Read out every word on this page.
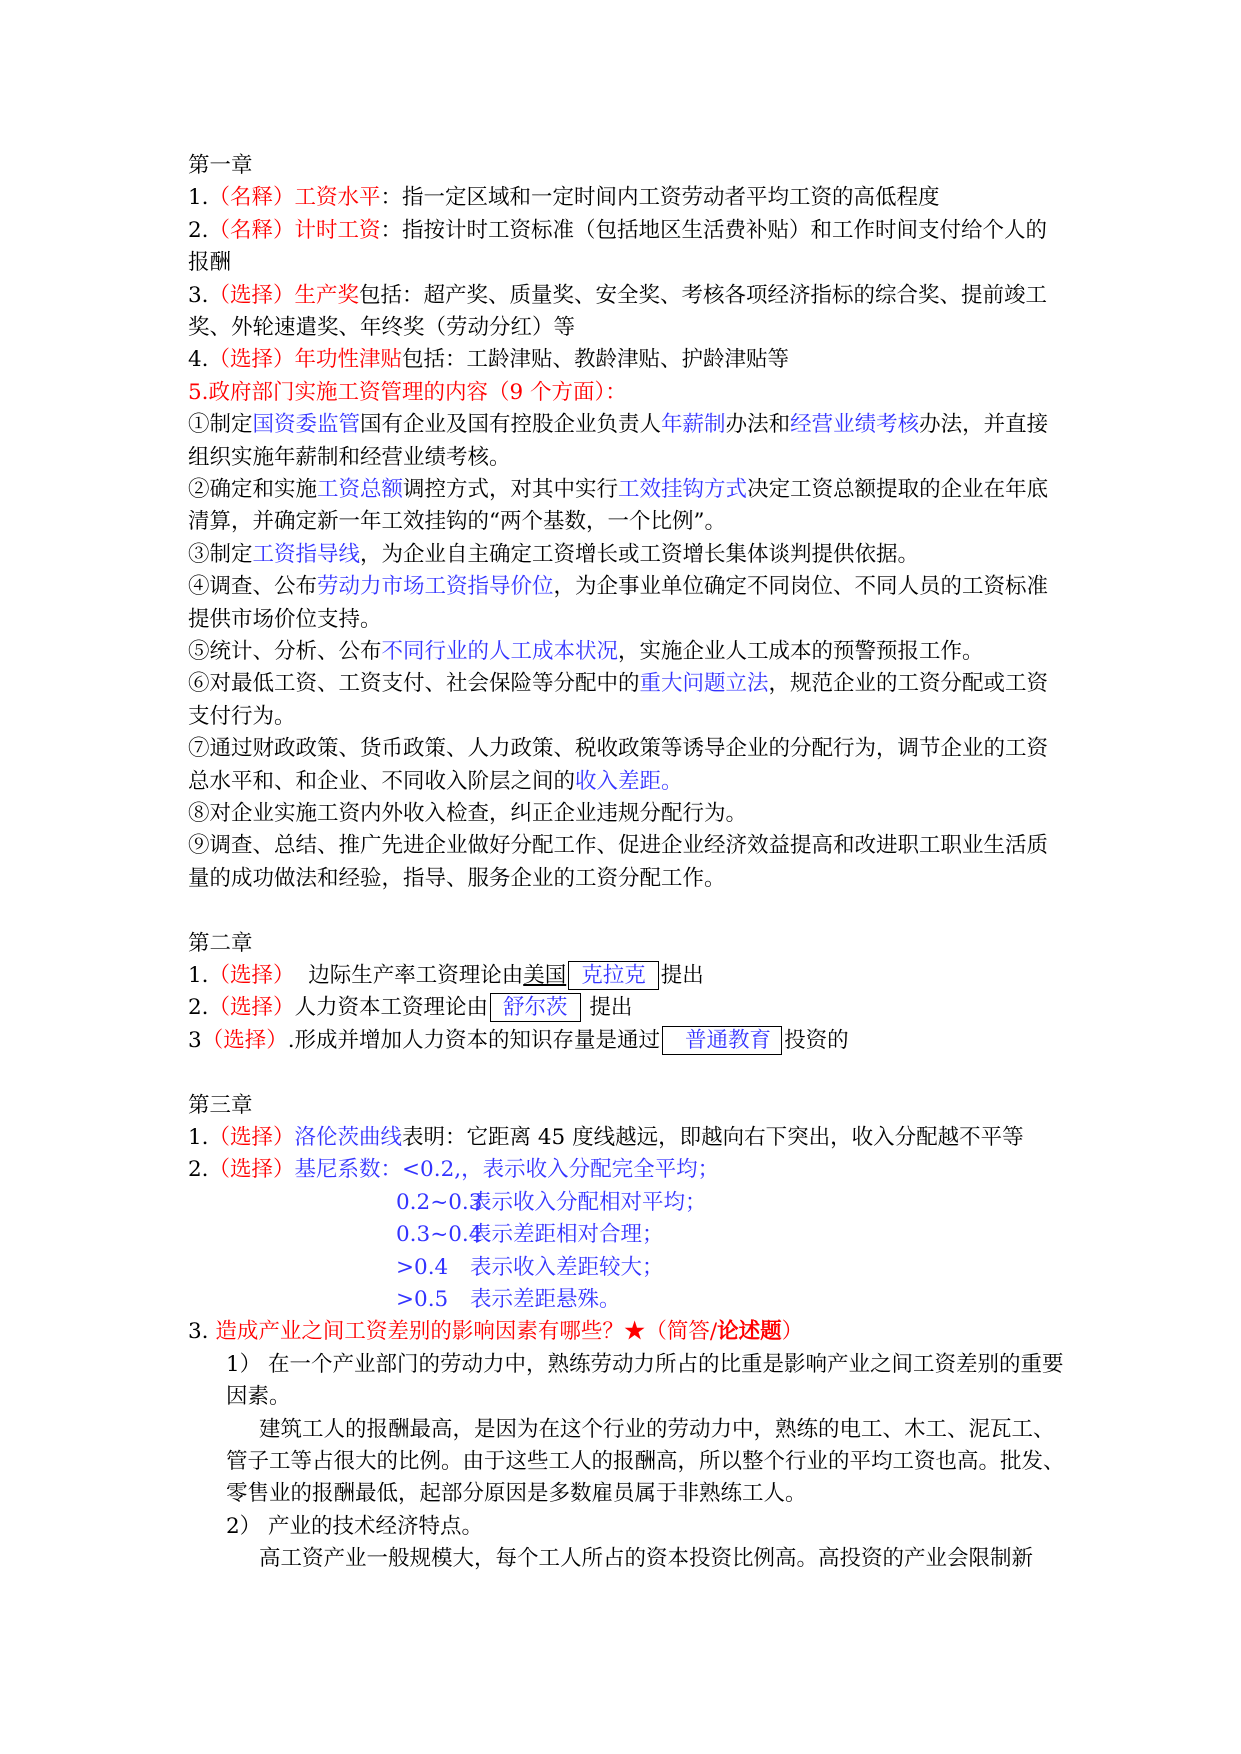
第一章
1.（名释）工资水平：指一定区域和一定时间内工资劳动者平均工资的高低程度
2.（名释）计时工资：指按计时工资标准（包括地区生活费补贴）和工作时间支付给个人的报酬
3.（选择）生产奖包括：超产奖、质量奖、安全奖、考核各项经济指标的综合奖、提前竣工奖、外轮速遣奖、年终奖（劳动分红）等
4.（选择）年功性津贴包括：工龄津贴、教龄津贴、护龄津贴等
5.政府部门实施工资管理的内容（9 个方面）：
①制定国资委监管国有企业及国有控股企业负责人年薪制办法和经营业绩考核办法，并直接组织实施年薪制和经营业绩考核。
②确定和实施工资总额调控方式，对其中实行工效挂钩方式决定工资总额提取的企业在年底清算，并确定新一年工效挂钩的“两个基数，一个比例”。
③制定工资指导线，为企业自主确定工资增长或工资增长集体谈判提供依据。
④调查、公布劳动力市场工资指导价位，为企事业单位确定不同岗位、不同人员的工资标准提供市场价位支持。
⑤统计、分析、公布不同行业的人工成本状况，实施企业人工成本的预警预报工作。
⑥对最低工资、工资支付、社会保险等分配中的重大问题立法，规范企业的工资分配或工资支付行为。
⑦通过财政政策、货币政策、人力政策、税收政策等诱导企业的分配行为，调节企业的工资总水平和、和企业、不同收入阶层之间的收入差距。
⑧对企业实施工资内外收入检查，纠正企业违规分配行为。
⑨调查、总结、推广先进企业做好分配工作、促进企业经济效益提高和改进职工职业生活质量的成功做法和经验，指导、服务企业的工资分配工作。
第二章
1.（选择）  边际生产率工资理论由美国 克拉克 提出
2.（选择）人力资本工资理论由 舒尔茨 提出
3（选择）.形成并增加人力资本的知识存量是通过 普通教育 投资的
第三章
1.（选择）洛伦茨曲线表明：它距离 45 度线越远，即越向右下突出，收入分配越不平等
2.（选择）基尼系数：<0.2,，表示收入分配完全平均；
0.2~0.3表示收入分配相对平均；
0.3~0.4表示差距相对合理；
>0.4 表示收入差距较大；
>0.5 表示差距悬殊。
3. 造成产业之间工资差别的影响因素有哪些？★（简答/论述题）
1） 在一个产业部门的劳动力中，熟练劳动力所占的比重是影响产业之间工资差别的重要因素。
建筑工人的报酬最高，是因为在这个行业的劳动力中，熟练的电工、木工、泥瓦工、管子工等占很大的比例。由于这些工人的报酬高，所以整个行业的平均工资也高。批发、零售业的报酬最低，起部分原因是多数雇员属于非熟练工人。
2） 产业的技术经济特点。
高工资产业一般规模大，每个工人所占的资本投资比例高。高投资的产业会限制新
